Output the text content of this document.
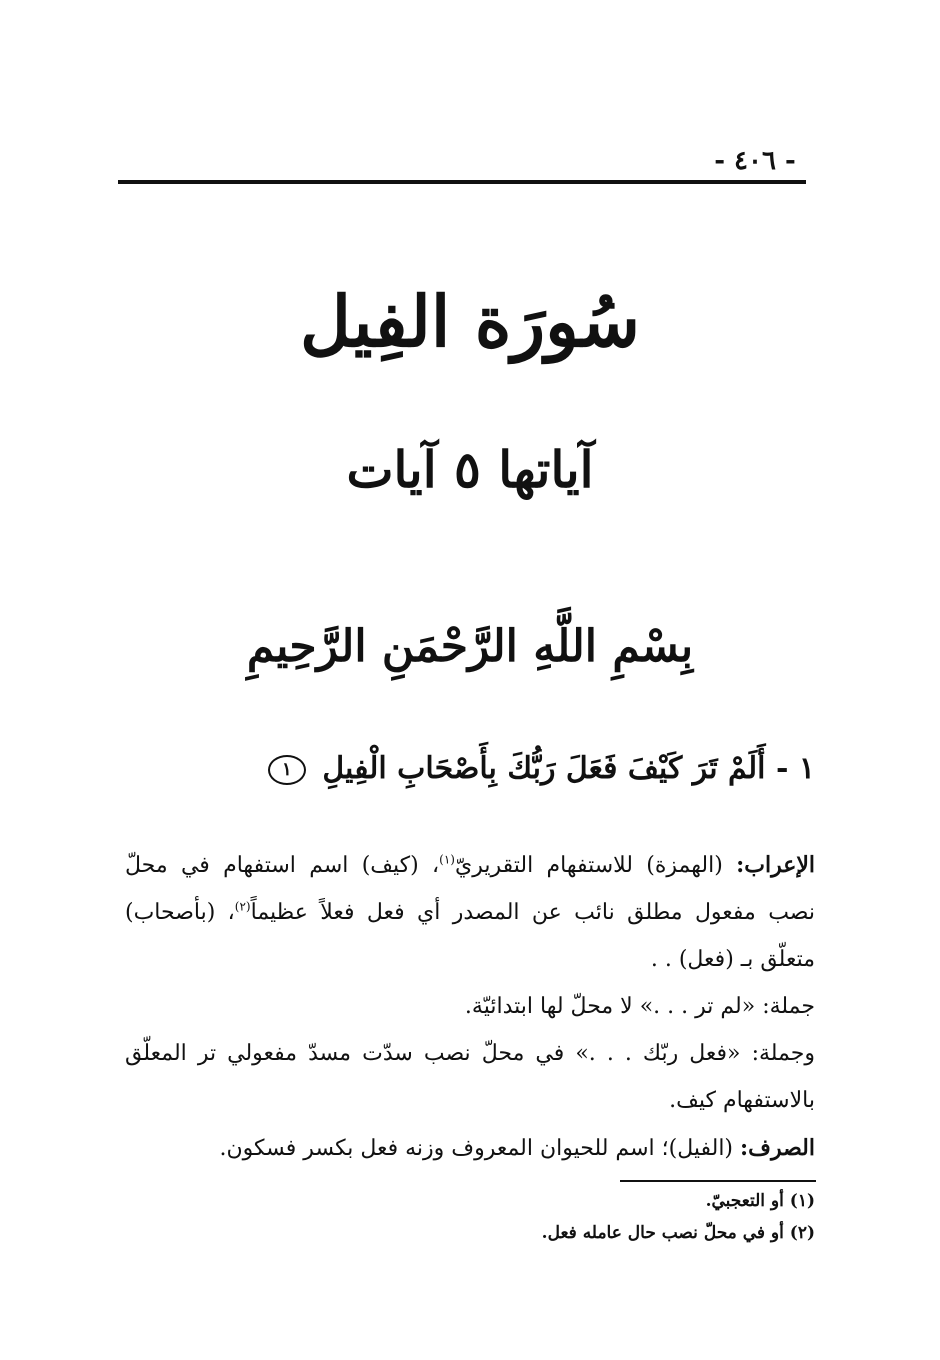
- ٤٠٦ -
سُورَة الفِيل
آياتها ٥ آيات
بِسْمِ اللَّهِ الرَّحْمَنِ الرَّحِيمِ
١ - أَلَمْ تَرَ كَيْفَ فَعَلَ رَبُّكَ بِأَصْحَابِ الْفِيلِ ١
الإعراب: (الهمزة) للاستفهام التقريريّ$^{(١)}$، (كيف) اسم استفهام في محلّ نصب مفعول مطلق نائب عن المصدر أي فعل فعلاً عظيماً$^{(٢)}$، (بأصحاب) متعلّق بـ (فعل) . .
جملة: «لم تر . . .» لا محلّ لها ابتدائيّة.
وجملة: «فعل ربّك . . .» في محلّ نصب سدّت مسدّ مفعولي تر المعلّق بالاستفهام كيف.
الصرف: (الفيل)؛ اسم للحيوان المعروف وزنه فعل بكسر فسكون.
(١) أو التعجبيّ.
(٢) أو في محلّ نصب حال عامله فعل.
